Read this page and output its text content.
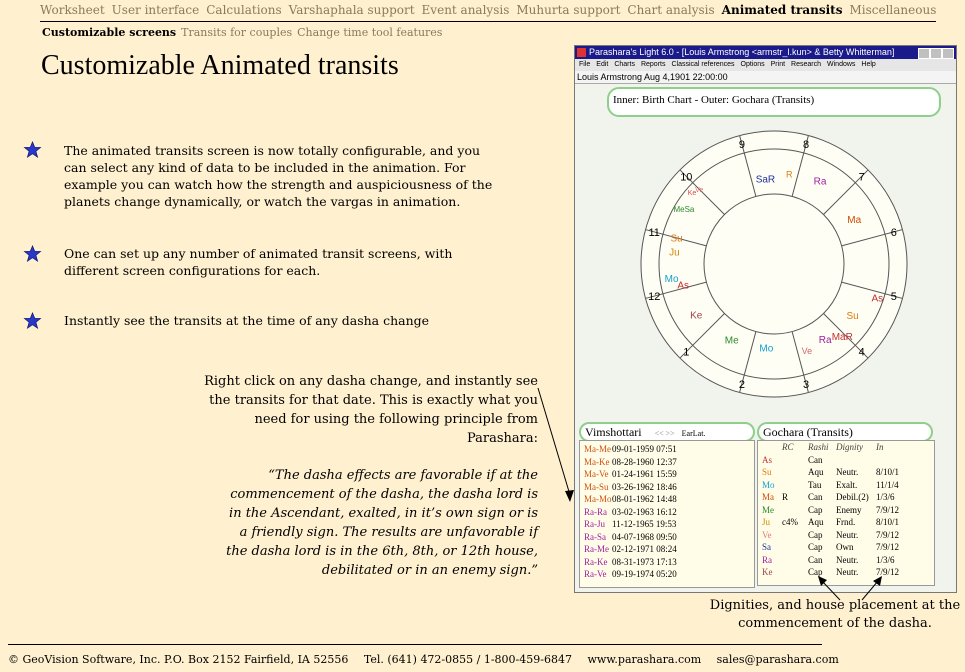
Worksheet User interface Calculations Varshaphala support Event analysis Muhurta support Chart analysis Animated transits Miscellaneous
Customizable screens Transits for couples Change time tool features
Customizable Animated transits
The animated transits screen is now totally configurable, and you can select any kind of data to be included in the animation. For example you can watch how the strength and auspiciousness of the planets change dynamically, or watch the vargas in animation.
One can set up any number of animated transit screens, with different screen configurations for each.
Instantly see the transits at the time of any dasha change
Right click on any dasha change, and instantly see the transits for that date. This is exactly what you need for using the following principle from Parashara:
“The dasha effects are favorable if at the commencement of the dasha, the dasha lord is in the Ascendant, exalted, in it’s own sign or is a friendly sign. The results are unfavorable if the dasha lord is in the 6th, 8th, or 12th house, debilitated or in an enemy sign.”
Dignities, and house placement at the commencement of the dasha.
Parashara's Light 6.0 - [Louis Armstrong <armstr_l.kun> & Betty Whitterman]
File Edit Charts Reports Classical references Options Print Research Windows Help
Louis Armstrong Aug 4,1901 22:00:00
9	8
10	7
11	6
12	5
1	4
2	3
Ke
Ve
MeSa
Su
Ju
Ve
Su
As
MaR
Ra
Mo
SaR
R
Ra
Ma
Mo
As
Ke
Me
Inner: Birth Chart - Outer: Gochara (Transits)
Vimshottari << >> EarLat.
Ma-Me09-01-1959 07:51
Ma-Ke 08-28-1960 12:37
Ma-Ve 01-24-1961 15:59
Ma-Su 03-26-1962 18:46
Ma-Mo08-01-1962 14:48
Ra-Ra 03-02-1963 16:12
Ra-Ju 11-12-1965 19:53
Ra-Sa 04-07-1968 09:50
Ra-Me 02-12-1971 08:24
Ra-Ke 08-31-1973 17:13
Ra-Ve 09-19-1974 05:20
Gochara (Transits)
RC Rashi Dignity In
As	Can
Su	Aqu Neutr. 8/10/1
Mo	Tau Exalt. 11/1/4
Ma R Can Debil.(2) 1/3/6
Me	Cap Enemy 7/9/12
Ju c4% Aqu Frnd. 8/10/1
Ve	Cap Neutr. 7/9/12
Sa	Cap Own	7/9/12
Ra	Can Neutr. 1/3/6
Ke	Cap Neutr. 7/9/12
© GeoVision Software, Inc. P.O. Box 2152 Fairfield, IA 52556 Tel. (641) 472-0855 / 1-800-459-6847 www.parashara.com sales@parashara.com
